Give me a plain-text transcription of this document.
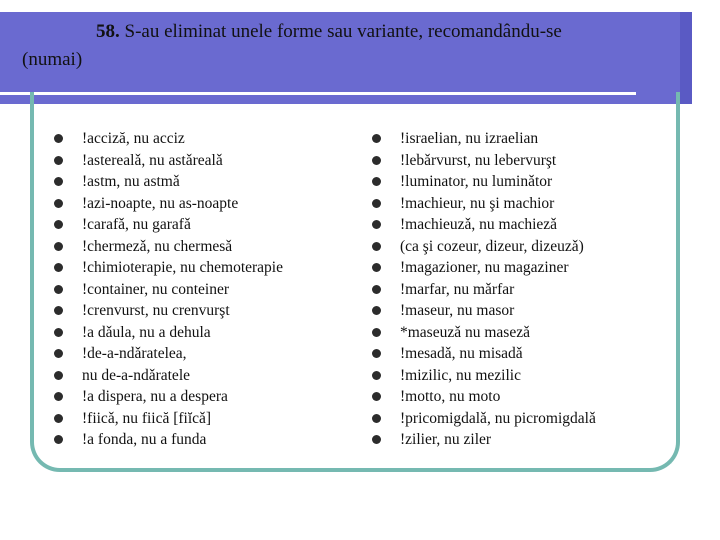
58. S-au eliminat unele forme sau variante, recomandându-se
(numai)
!acciză, nu acciz
!asterealǎ, nu astǎrealǎ
!astm, nu astmǎ
!azi-noapte, nu as-noapte
!carafǎ, nu garafǎ
!chermezǎ, nu chermesǎ
!chimioterapie, nu chemoterapie
!container, nu conteiner
!crenvurst, nu crenvurşt
!a dǎula, nu a dehula
!de-a-ndǎratelea,
nu de-a-ndǎratele
!a dispera, nu a despera
!fiicǎ, nu fiică [fiĭcǎ]
!a fonda, nu a funda
!israelian, nu izraelian
!lebǎrvurst, nu lebervurşt
!luminator, nu luminǎtor
!machieur, nu şi machior
!machieuzǎ, nu machiezǎ
(ca şi cozeur, dizeur, dizeuzǎ)
!magazioner, nu magaziner
!marfar, nu mǎrfar
!maseur, nu masor
*maseuzǎ nu masezǎ
!mesadǎ, nu misadǎ
!mizilic, nu mezilic
!motto, nu moto
!pricomigdalǎ, nu picromigdalǎ
!zilier, nu ziler
